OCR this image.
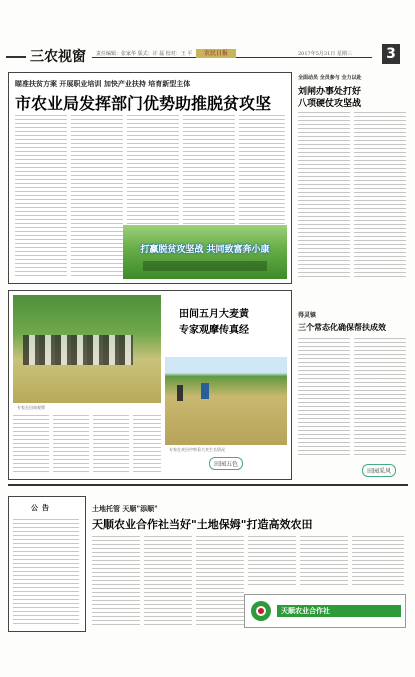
三农视窗	责任编辑：张家华 版式：许 磊 校对：王 平	农民日报	2017年5月31日 星期三 3
瞄准扶贫方案 开展职业培训 加快产业扶持 培育新型主体
市农业局发挥部门优势助推脱贫攻坚
打赢脱贫攻坚战 共同致富奔小康
全面动员 全员参与 全力以赴
刘闸办事处打好
八项硬仗攻坚战
专家在田间观摩
田间五月大麦黄
专家观摩传真经
专家在麦田中察看大麦生长情况
田园五色
得灵镇
三个常态化确保帮扶成效
田园采风
公告	土地托管 天顺"添顺"
天顺农业合作社当好"土地保姆"打造高效农田
天顺农业合作社
